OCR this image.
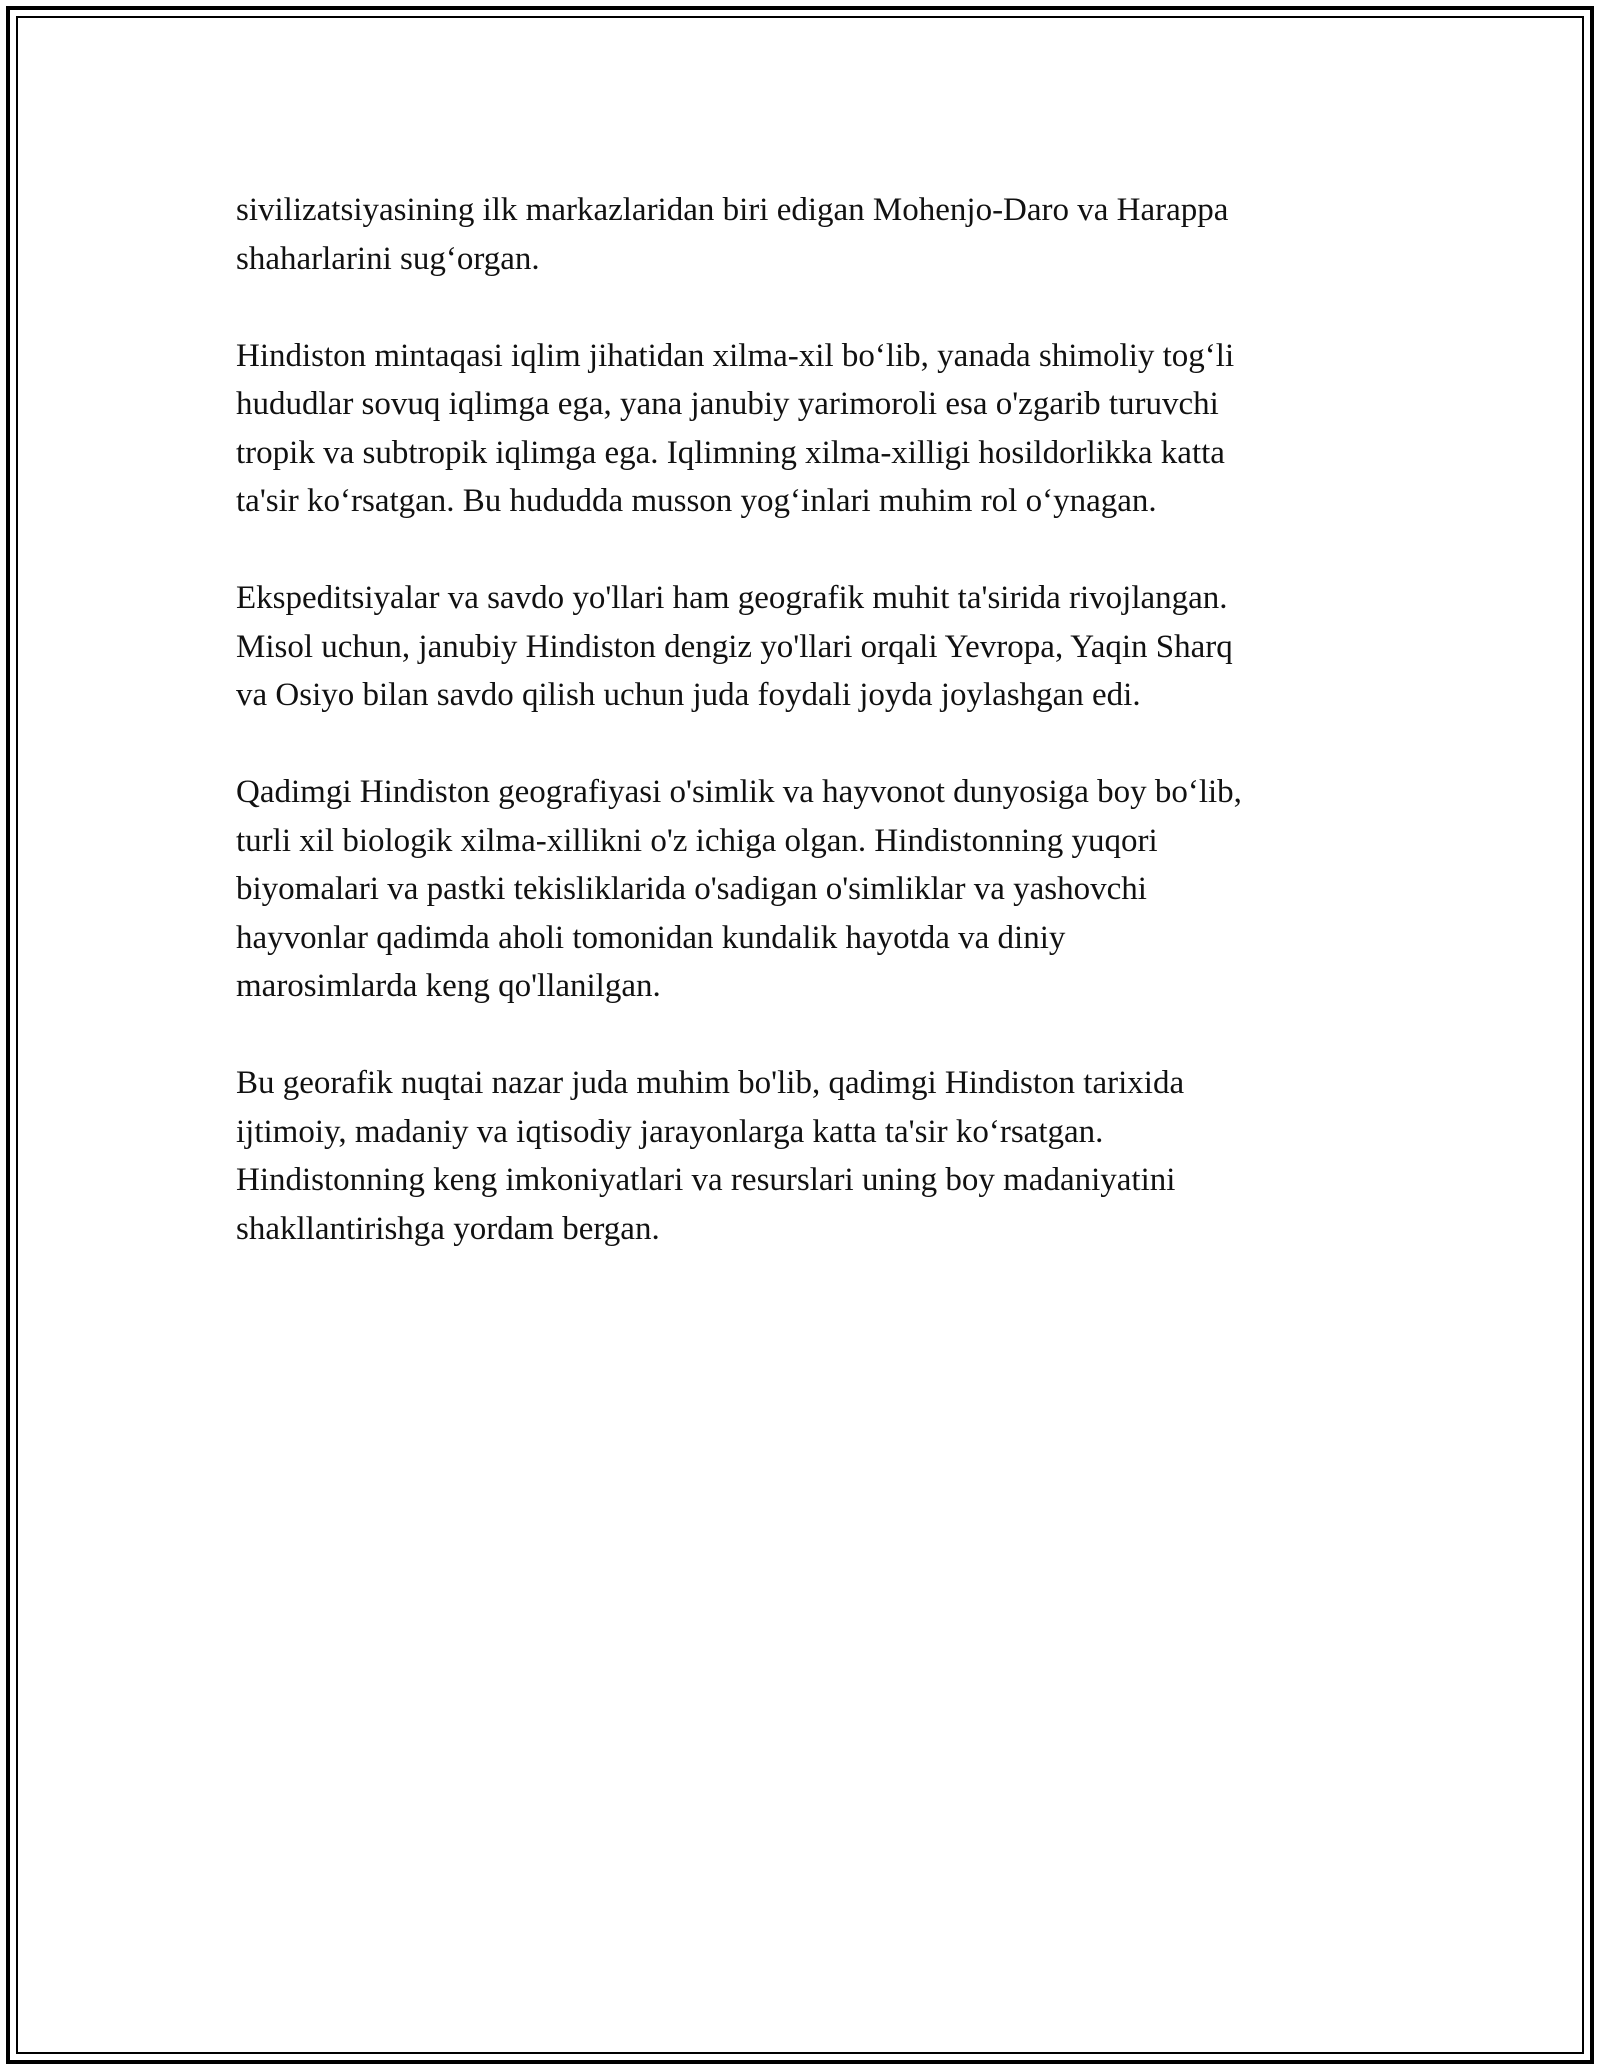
sivilizatsiyasining ilk markazlaridan biri edigan Mohenjo-Daro va Harappa
shaharlarini sug‘organ.

Hindiston mintaqasi iqlim jihatidan xilma-xil bo‘lib, yanada shimoliy tog‘li
hududlar sovuq iqlimga ega, yana janubiy yarimoroli esa o'zgarib turuvchi
tropik va subtropik iqlimga ega. Iqlimning xilma-xilligi hosildorlikka katta
ta'sir ko‘rsatgan. Bu hududda musson yog‘inlari muhim rol o‘ynagan.

Ekspeditsiyalar va savdo yo'llari ham geografik muhit ta'sirida rivojlangan.
Misol uchun, janubiy Hindiston dengiz yo'llari orqali Yevropa, Yaqin Sharq
va Osiyo bilan savdo qilish uchun juda foydali joyda joylashgan edi.

Qadimgi Hindiston geografiyasi o'simlik va hayvonot dunyosiga boy bo‘lib,
turli xil biologik xilma-xillikni o'z ichiga olgan. Hindistonning yuqori
biyomalari va pastki tekisliklarida o'sadigan o'simliklar va yashovchi
hayvonlar qadimda aholi tomonidan kundalik hayotda va diniy
marosimlarda keng qo'llanilgan.

Bu georafik nuqtai nazar juda muhim bo'lib, qadimgi Hindiston tarixida
ijtimoiy, madaniy va iqtisodiy jarayonlarga katta ta'sir ko‘rsatgan.
Hindistonning keng imkoniyatlari va resurslari uning boy madaniyatini
shakllantirishga yordam bergan.
